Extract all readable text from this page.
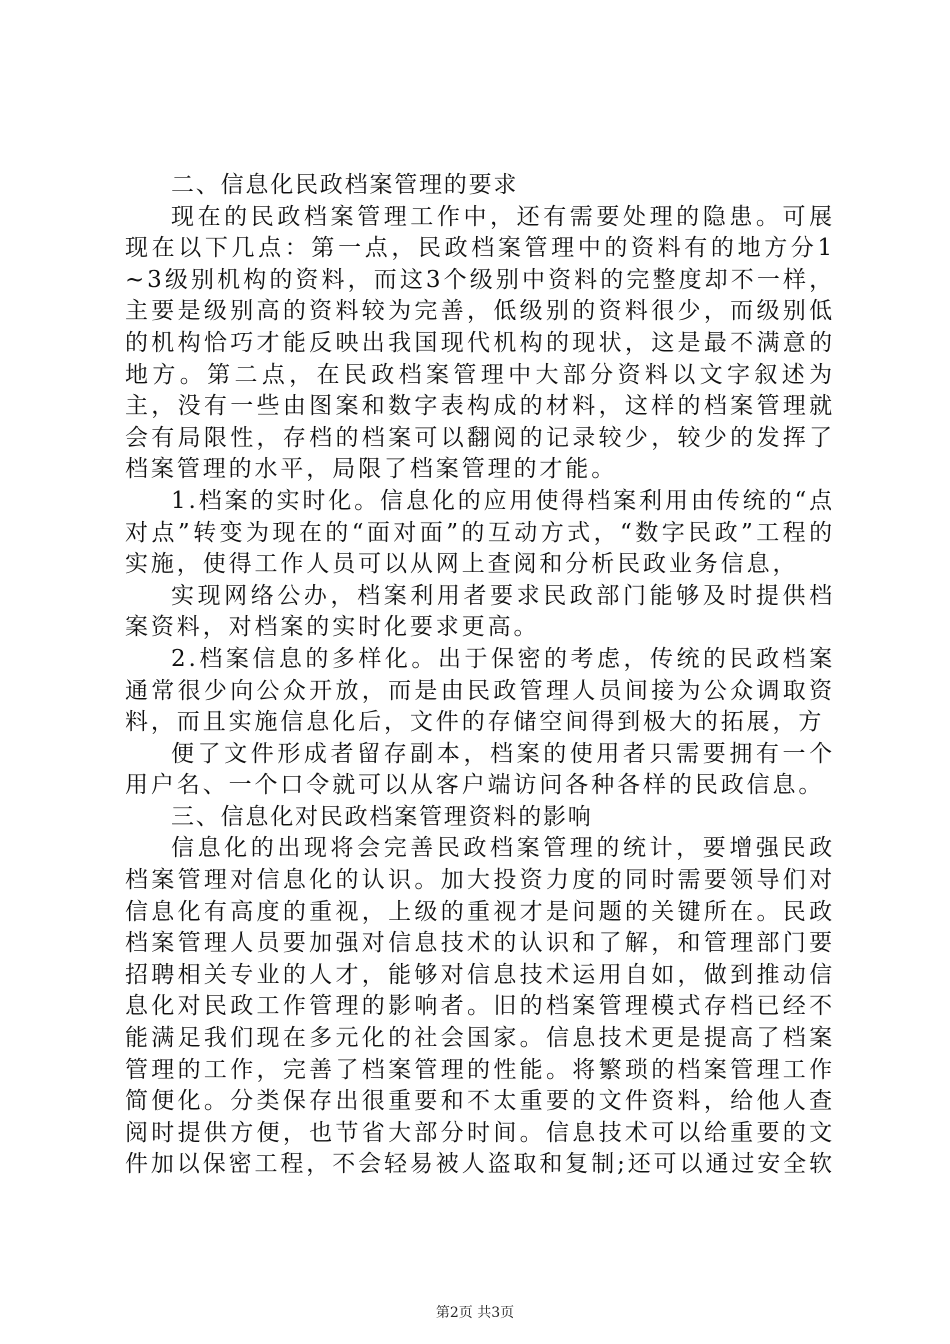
二、信息化民政档案管理的要求

现在的民政档案管理工作中，还有需要处理的隐患。可展现在以下几点：第一点，民政档案管理中的资料有的地方分1~3级别机构的资料，而这3个级别中资料的完整度却不一样，主要是级别高的资料较为完善，低级别的资料很少，而级别低的机构恰巧才能反映出我国现代机构的现状，这是最不满意的地方。第二点，在民政档案管理中大部分资料以文字叙述为主，没有一些由图案和数字表构成的材料，这样的档案管理就会有局限性，存档的档案可以翻阅的记录较少，较少的发挥了档案管理的水平，局限了档案管理的才能。

1.档案的实时化。信息化的应用使得档案利用由传统的“点对点”转变为现在的“面对面”的互动方式，“数字民政”工程的实施，使得工作人员可以从网上查阅和分析民政业务信息，

实现网络公办，档案利用者要求民政部门能够及时提供档案资料，对档案的实时化要求更高。

2.档案信息的多样化。出于保密的考虑，传统的民政档案通常很少向公众开放，而是由民政管理人员间接为公众调取资料，而且实施信息化后，文件的存储空间得到极大的拓展，方

便了文件形成者留存副本，档案的使用者只需要拥有一个用户名、一个口令就可以从客户端访问各种各样的民政信息。

三、信息化对民政档案管理资料的影响

信息化的出现将会完善民政档案管理的统计，要增强民政档案管理对信息化的认识。加大投资力度的同时需要领导们对信息化有高度的重视，上级的重视才是问题的关键所在。民政档案管理人员要加强对信息技术的认识和了解，和管理部门要招聘相关专业的人才，能够对信息技术运用自如，做到推动信息化对民政工作管理的影响者。旧的档案管理模式存档已经不能满足我们现在多元化的社会国家。信息技术更是提高了档案管理的工作，完善了档案管理的性能。将繁琐的档案管理工作简便化。分类保存出很重要和不太重要的文件资料，给他人查阅时提供方便，也节省大部分时间。信息技术可以给重要的文件加以保密工程，不会轻易被人盗取和复制;还可以通过安全软

第2页 共3页
